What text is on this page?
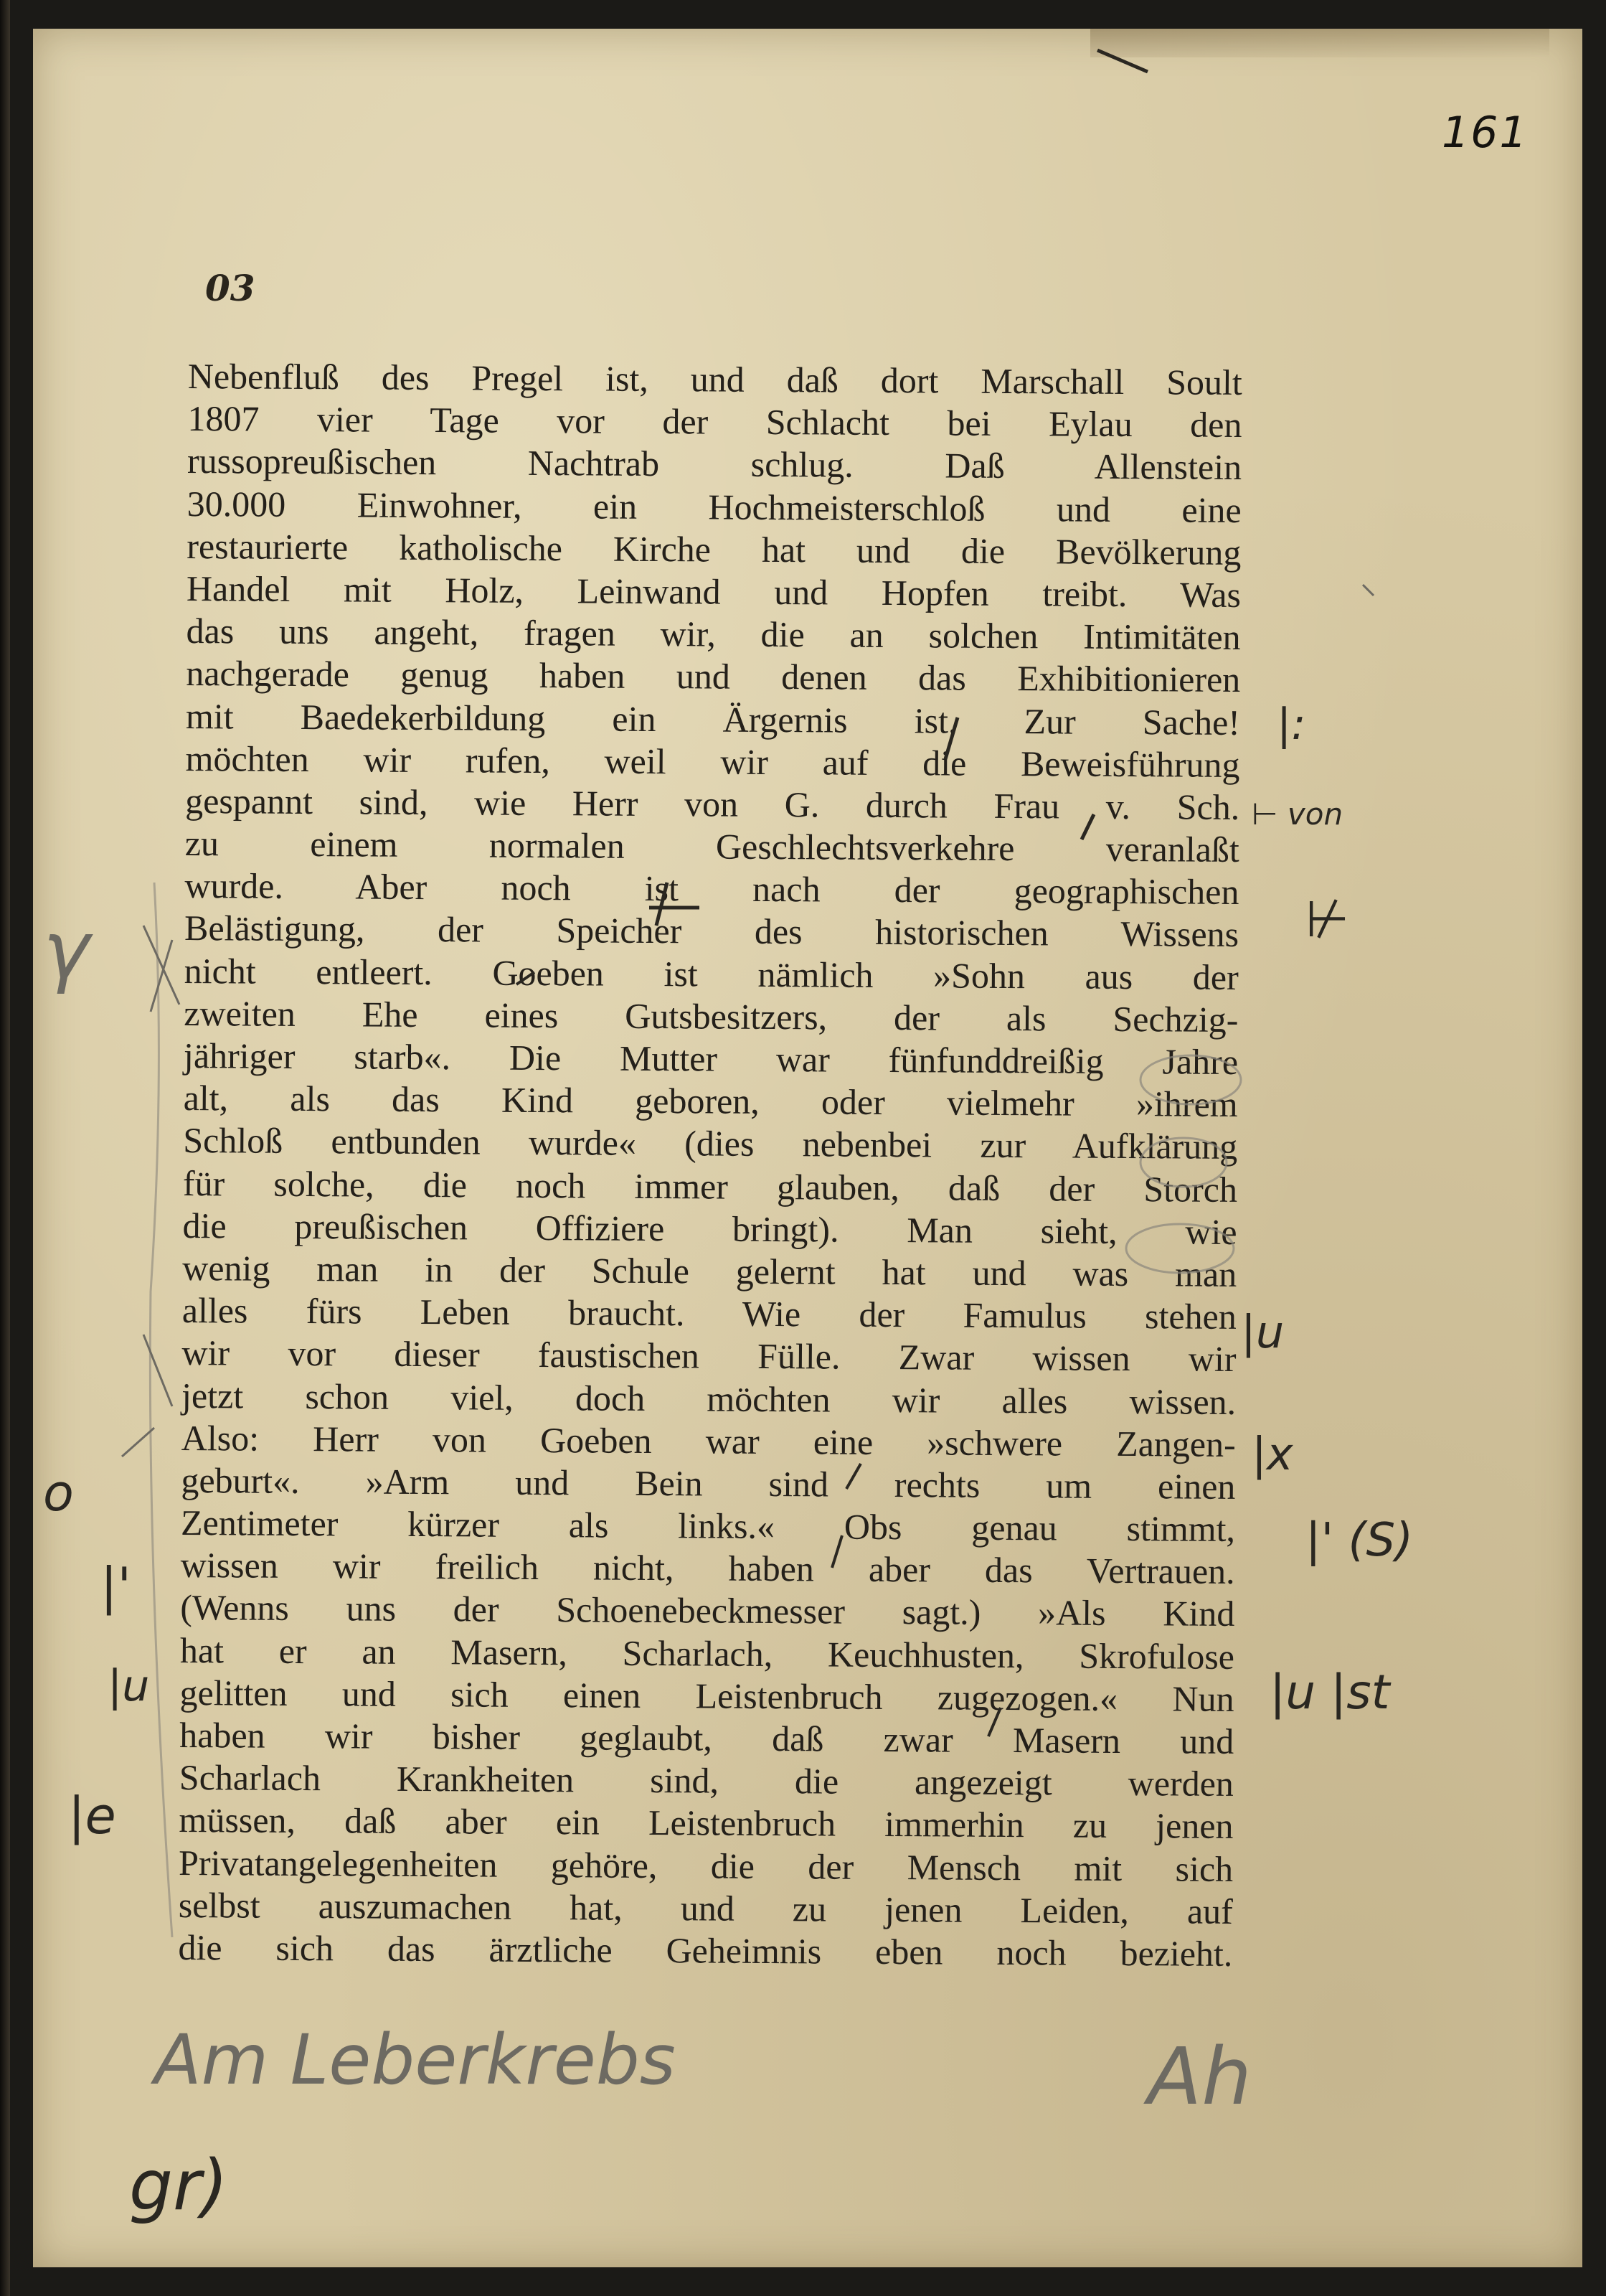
161
03
Nebenfluß des Pregel ist, und daß dort Marschall Soult
1807 vier Tage vor der Schlacht bei Eylau den
russopreußischen Nachtrab schlug. Daß Allenstein
30.000 Einwohner, ein Hochmeisterschloß und eine
restaurierte katholische Kirche hat und die Bevölkerung
Handel mit Holz, Leinwand und Hopfen treibt. Was
das uns angeht, fragen wir, die an solchen Intimitäten
nachgerade genug haben und denen das Exhibitionieren
mit Baedekerbildung ein Ärgernis ist. Zur Sache!
möchten wir rufen, weil wir auf die Beweisführung
gespannt sind, wie Herr von G. durch Frau v. Sch.
zu einem normalen Geschlechtsverkehre veranlaßt
wurde. Aber noch ist nach der geographischen
Belästigung, der Speicher des historischen Wissens
nicht entleert. Goeben ist nämlich »Sohn aus der
zweiten Ehe eines Gutsbesitzers, der als Sechzig-
jähriger starb«. Die Mutter war fünfunddreißig Jahre
alt, als das Kind geboren, oder vielmehr »ihrem
Schloß entbunden wurde« (dies nebenbei zur Aufklärung
für solche, die noch immer glauben, daß der Storch
die preußischen Offiziere bringt). Man sieht, wie
wenig man in der Schule gelernt hat und was man
alles fürs Leben braucht. Wie der Famulus stehen
wir vor dieser faustischen Fülle. Zwar wissen wir
jetzt schon viel, doch möchten wir alles wissen.
Also: Herr von Goeben war eine »schwere Zangen-
geburt«. »Arm und Bein sind rechts um einen
Zentimeter kürzer als links.« Obs genau stimmt,
wissen wir freilich nicht, haben aber das Vertrauen.
(Wenns uns der Schoenebeckmesser sagt.) »Als Kind
hat er an Masern, Scharlach, Keuchhusten, Skrofulose
gelitten und sich einen Leistenbruch zugezogen.« Nun
haben wir bisher geglaubt, daß zwar Masern und
Scharlach Krankheiten sind, die angezeigt werden
müssen, daß aber ein Leistenbruch immerhin zu jenen
Privatangelegenheiten gehöre, die der Mensch mit sich
selbst auszumachen hat, und zu jenen Leiden, auf
die sich das ärztliche Geheimnis eben noch bezieht.
|:
⊢ von
⊬
|u
|x
|' (S)
|u |st
γ
o
|'
|u
|e
Am Leberkrebs
gr)
Ah
